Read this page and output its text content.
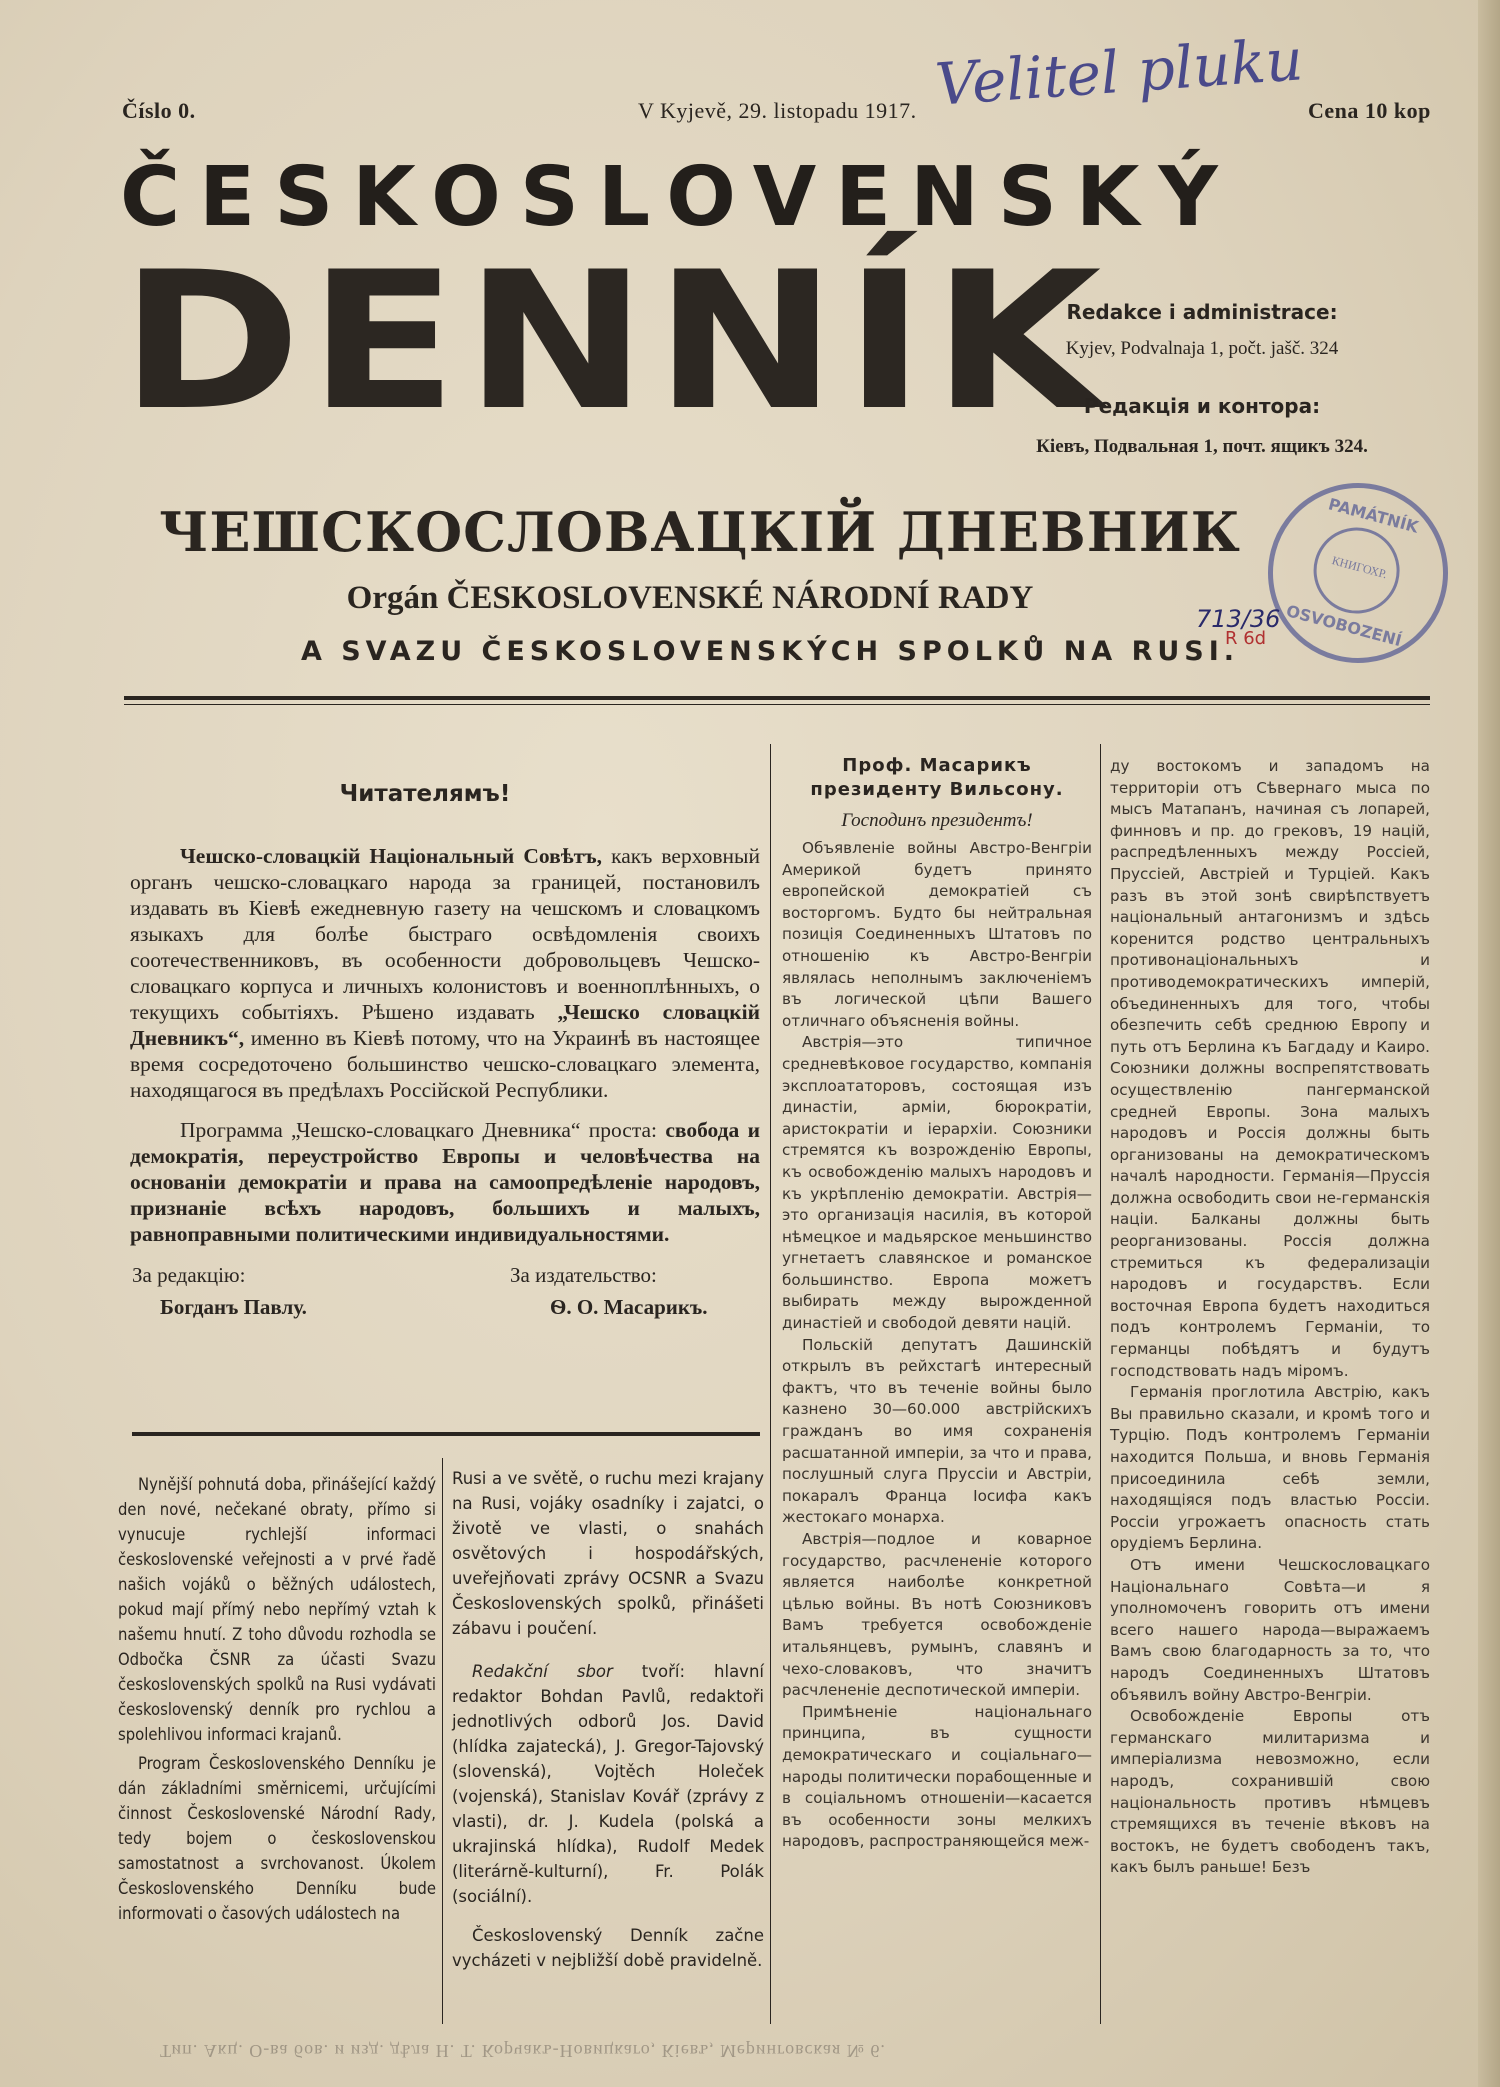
Číslo 0.	V Kyjevě, 29. listopadu 1917.	Cena 10 kop
Velitel pluku
ČESKOSLOVENSKÝ
DENNÍK
Redakce i administrace:
Kyjev, Podvalnaja 1, počt. jašč. 324
Редакція и контора:
Кіевъ, Подвальная 1, почт. ящикъ 324.
ЧЕШСКОСЛОВАЦКІЙ ДНЕВНИК
Orgán ČESKOSLOVENSKÉ NÁRODNÍ RADY
A SVAZU ČESKOSLOVENSKÝCH SPOLKŮ NA RUSI.
PAMÁTNÍK
КНИГОХР.
OSVOBOZENÍ
713/36
R 6d
Читателямъ!

Чешско-словацкій Національный Совѣтъ, какъ верховный органъ чешско-словацкаго народа за границей, постановилъ издавать въ Кіевѣ ежедневную газету на чешскомъ и словацкомъ языкахъ для болѣе быстраго освѣдомленія своихъ соотечественниковъ, въ особенности добровольцевъ Чешско-словацкаго корпуса и личныхъ колонистовъ и военноплѣнныхъ, о текущихъ событіяхъ. Рѣшено издавать „Чешско словацкій Дневникъ“, именно въ Кіевѣ потому, что на Украинѣ въ настоящее время сосредоточено большинство чешско-словацкаго элемента, находящагося въ предѣлахъ Россійской Республики.

Программа „Чешско-словацкаго Дневника“ проста: свобода и демократія, переустройство Европы и человѣчества на основаніи демократіи и права на самоопредѣленіе народовъ, признаніе всѣхъ народовъ, большихъ и малыхъ, равноправными политическими индивидуальностями.

За редакцію:
Богданъ Павлу.
За издательство:
Ѳ. О. Масарикъ.

Nynější pohnutá doba, přinášející každý den nové, nečekané obraty, přímo si vynucuje rychlejší informaci československé veřejnosti a v prvé řadě našich vojáků o běžných událostech, pokud mají přímý nebo nepřímý vztah k našemu hnutí. Z toho důvodu rozhodla se Odbočka ČSNR za účasti Svazu československých spolků na Rusi vydávati československý denník pro rychlou a spolehlivou informaci krajanů.

Program Československého Denníku je dán základními směrnicemi, určujícími činnost Československé Národní Rady, tedy bojem o československou samostatnost a svrchovanost. Úkolem Československého Denníku bude informovati o časových událostech na

Rusi a ve světě, o ruchu mezi krajany na Rusi, vojáky osadníky i zajatci, o životě ve vlasti, o snahách osvětových i hospodářských, uveřejňovati zprávy OCSNR a Svazu Československých spolků, přinášeti zábavu i poučení.

Redakční sbor tvoří: hlavní redaktor Bohdan Pavlů, redaktoři jednotlivých odborů Jos. David (hlídka zajatecká), J. Gregor-Tajovský (slovenská), Vojtěch Holeček (vojenská), Stanislav Kovář (zprávy z vlasti), dr. J. Kudela (polská a ukrajinská hlídka), Rudolf Medek (literárně-kulturní), Fr. Polák (sociální).

Československý Denník začne vycházeti v nejbližší době pravidelně.

Проф. Масарикъ президенту Вильсону.
Господинъ президентъ!

Объявленіе войны Австро-Венгріи Америкой будетъ принято европейской демократіей съ восторгомъ. Будто бы нейтральная позиція Соединенныхъ Штатовъ по отношенію къ Австро-Венгріи являлась неполнымъ заключеніемъ въ логической цѣпи Вашего отличнаго объясненія войны.

Австрія—это типичное средневѣковое государство, компанія эксплоататоровъ, состоящая изъ династіи, арміи, бюрократіи, аристократіи и іерархіи. Союзники стремятся къ возрожденію Европы, къ освобожденію малыхъ народовъ и къ укрѣпленію демократіи. Австрія—это организація насилія, въ которой нѣмецкое и мадьярское меньшинство угнетаетъ славянское и романское большинство. Европа можетъ выбирать между вырожденной династіей и свободой девяти націй.

Польскій депутатъ Дашинскій открылъ въ рейхстагѣ интересный фактъ, что въ теченіе войны было казнено 30—60.000 австрійскихъ гражданъ во имя сохраненія расшатанной имперіи, за что и права, послушный слуга Пруссіи и Австріи, покаралъ Франца Іосифа какъ жестокаго монарха.

Австрія—подлое и коварное государство, расчлененіе которого является наиболѣе конкретной цѣлью войны. Въ нотѣ Союзниковъ Вамъ требуется освобожденіе итальянцевъ, румынъ, славянъ и чехо-словаковъ, что значитъ расчлененіе деспотической имперіи.

Примѣненіе національнаго принципа, въ сущности демократическаго и соціальнаго—народы политически порабощенные и в соціальномъ отношеніи—касается въ особенности зоны мелкихъ народовъ, распространяющейся меж-

ду востокомъ и западомъ на территоріи отъ Сѣвернаго мыса по мысъ Матапанъ, начиная съ лопарей, финновъ и пр. до грековъ, 19 націй, распредѣленныхъ между Россіей, Пруссіей, Австріей и Турціей. Какъ разъ въ этой зонѣ свирѣпствуетъ національный антагонизмъ и здѣсь коренится родство центральныхъ противонаціональныхъ и противодемократическихъ имперій, объединенныхъ для того, чтобы обезпечить себѣ среднюю Европу и путь отъ Берлина къ Багдаду и Каиро. Союзники должны воспрепятствовать осуществленію пангерманской средней Европы. Зона малыхъ народовъ и Россія должны быть организованы на демократическомъ началѣ народности. Германія—Пруссія должна освободить свои не-германскія націи. Балканы должны быть реорганизованы. Россія должна стремиться къ федерализаціи народовъ и государствъ. Если восточная Европа будетъ находиться подъ контролемъ Германіи, то германцы побѣдятъ и будутъ господствовать надъ міромъ.

Германія проглотила Австрію, какъ Вы правильно сказали, и кромѣ того и Турцію. Подъ контролемъ Германіи находится Польша, и вновь Германія присоединила себѣ земли, находящіяся подъ властью Россіи. Россіи угрожаетъ опасность стать орудіемъ Берлина.

Отъ имени Чешскословацкаго Національнаго Совѣта—и я уполномоченъ говорить отъ имени всего нашего народа—выражаемъ Вамъ свою благодарность за то, что народъ Соединенныхъ Штатовъ объявилъ войну Австро-Венгріи.

Освобожденіе Европы отъ германскаго милитаризма и имперіализма невозможно, если народъ, сохранившій свою національность противъ нѣмцевъ стремящихся въ теченіе вѣковъ на востокъ, не будетъ свободенъ такъ, какъ былъ раньше! Безъ

Тип. Акц. О-ва бов. и изд. дѣла Н. Т. Корчакъ-Новицкаго, Кіевъ, Меринговская № 6.
